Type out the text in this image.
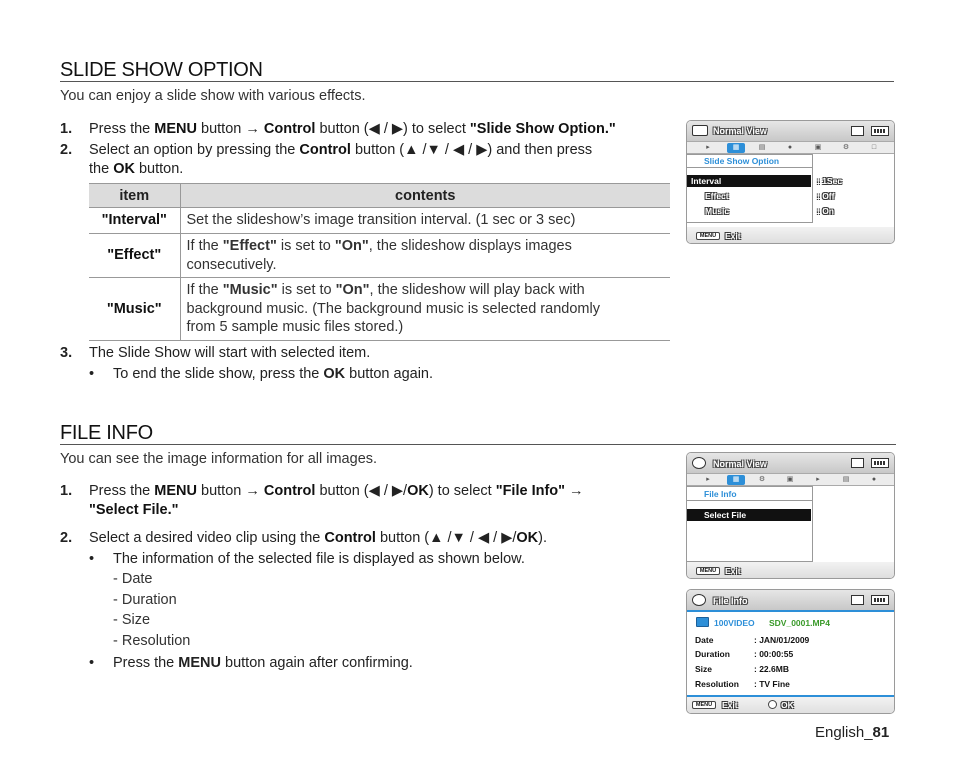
SLIDE SHOW OPTION
You can enjoy a slide show with various effects.
1. Press the MENU button → Control button (◀ / ▶) to select "Slide Show Option."
2. Select an option by pressing the Control button (▲ /▼ / ◀ / ▶) and then press
the OK button.
item	contents
"Interval"	Set the slideshow’s image transition interval. (1 sec or 3 sec)
"Effect"	If the "Effect" is set to "On", the slideshow displays images
consecutively.
"Music"	If the "Music" is set to "On", the slideshow will play back with
background music. (The background music is selected randomly
from 5 sample music files stored.)
3. The Slide Show will start with selected item.
• To end the slide show, press the OK button again.
Normal View
▸	▦	▤	●	▣	⚙	□
Slide Show Option
Interval
Effect
Music
: 1Sec
: Off
: On
MENU	Exit
FILE INFO
You can see the image information for all images.
1. Press the MENU button → Control button (◀ / ▶/OK) to select "File Info" →
"Select File."
2. Select a desired video clip using the Control button (▲ /▼ / ◀ / ▶/OK).
• The information of the selected file is displayed as shown below.
- Date
- Duration
- Size
- Resolution
• Press the MENU button again after confirming.
Normal View
▸	▦	⚙	▣	▸	▤	●
File Info
Select File
MENU	Exit
File Info
100VIDEO SDV_0001.MP4
Date	: JAN/01/2009
Duration	: 00:00:55
Size	: 22.6MB
Resolution : TV Fine
MENU	Exit	OK
English_81
